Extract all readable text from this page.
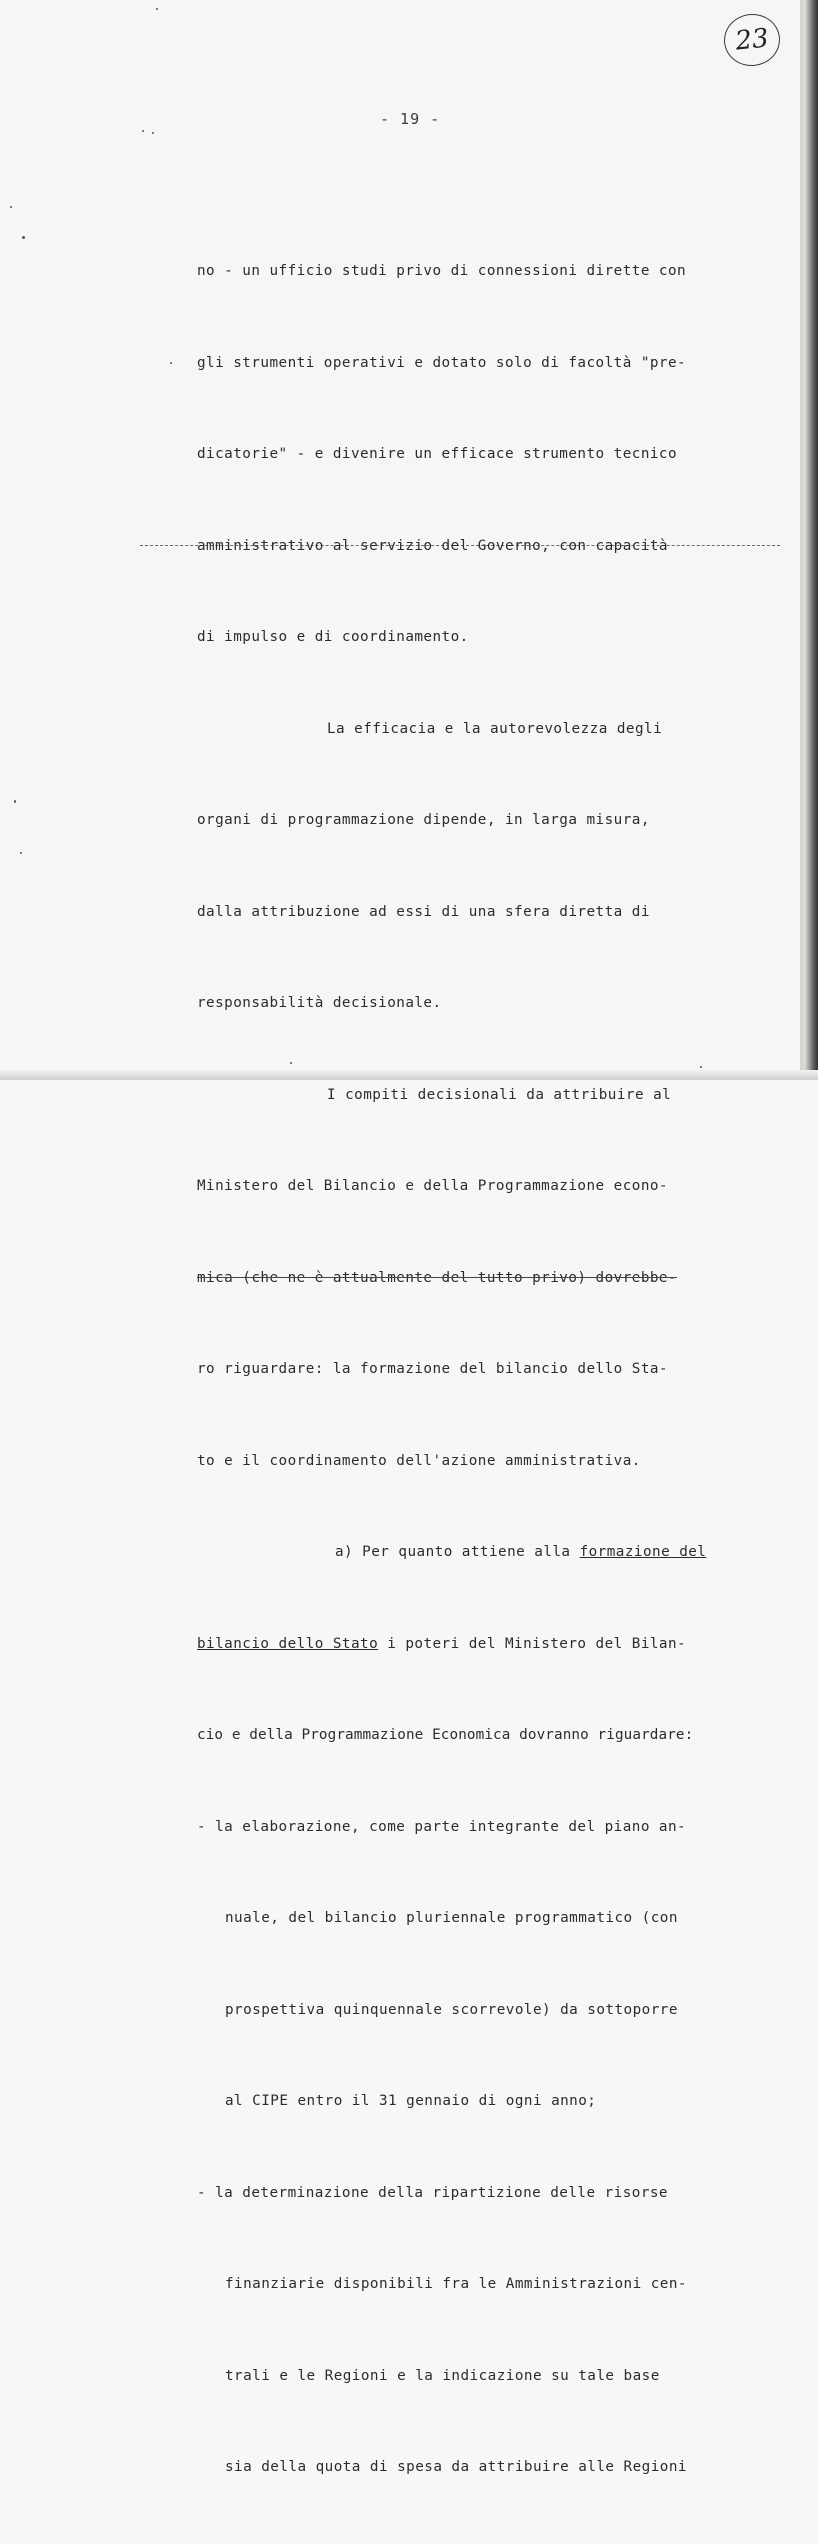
23
- 19 -

no - un ufficio studi privo di connessioni dirette con

gli strumenti operativi e dotato solo di facoltà "pre-

dicatorie" - e divenire un efficace strumento tecnico

amministrativo al servizio del Governo, con capacità

di impulso e di coordinamento.

La efficacia e la autorevolezza degli

organi di programmazione dipende, in larga misura,

dalla attribuzione ad essi di una sfera diretta di

responsabilità decisionale.

I compiti decisionali da attribuire al

Ministero del Bilancio e della Programmazione econo-

mica (che ne è attualmente del tutto privo) dovrebbe-

ro riguardare: la formazione del bilancio dello Sta-

to e il coordinamento dell'azione amministrativa.

a) Per quanto attiene alla formazione del

bilancio dello Stato i poteri del Ministero del Bilan-

cio e della Programmazione Economica dovranno riguardare:

- la elaborazione, come parte integrante del piano an-

nuale, del bilancio pluriennale programmatico (con

prospettiva quinquennale scorrevole) da sottoporre

al CIPE entro il 31 gennaio di ogni anno;

- la determinazione della ripartizione delle risorse

finanziarie disponibili fra le Amministrazioni cen-

trali e le Regioni e la indicazione su tale base

sia della quota di spesa da attribuire alle Regioni
